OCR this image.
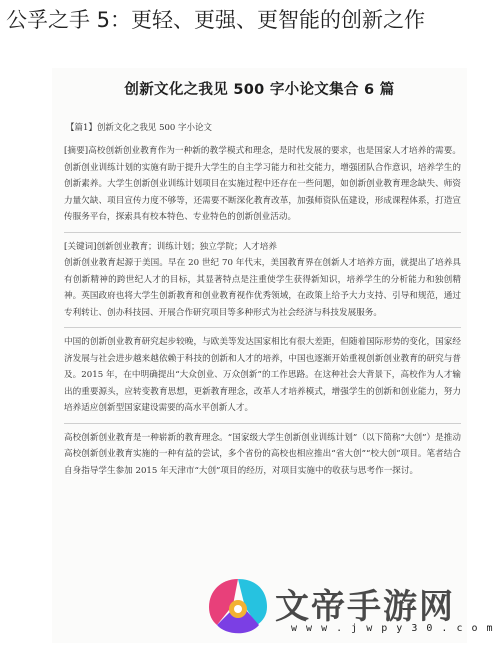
公孚之手 5：更轻、更强、更智能的创新之作
创新文化之我见 500 字小论文集合 6 篇
【篇1】创新文化之我见 500 字小论文
[摘要]高校创新创业教育作为一种新的教学模式和理念，是时代发展的要求，也是国家人才培养的需要。创新创业训练计划的实施有助于提升大学生的自主学习能力和社交能力，增强团队合作意识，培养学生的创新素养。大学生创新创业训练计划项目在实施过程中还存在一些问题，如创新创业教育理念缺失、师资力量欠缺、项目宣传力度不够等，还需要不断深化教育改革，加强师资队伍建设，形成课程体系，打造宣传服务平台，探索具有校本特色、专业特色的创新创业活动。
[关键词]创新创业教育；训练计划；独立学院；人才培养
创新创业教育起源于美国。早在 20 世纪 70 年代末，美国教育界在创新人才培养方面，就提出了培养具有创新精神的跨世纪人才的目标，其显著特点是注重使学生获得新知识，培养学生的分析能力和独创精神。英国政府也将大学生创新教育和创业教育视作优秀领域，在政策上给予大力支持、引导和规范，通过专利转让、创办科技园、开展合作研究项目等多种形式为社会经济与科技发展服务。
中国的创新创业教育研究起步较晚，与欧美等发达国家相比有很大差距，但随着国际形势的变化，国家经济发展与社会进步越来越依赖于科技的创新和人才的培养，中国也逐渐开始重视创新创业教育的研究与普及。2015 年，在中明确提出“大众创业、万众创新”的工作思路。在这种社会大背景下，高校作为人才输出的重要源头，应转变教育思想，更新教育理念，改革人才培养模式，增强学生的创新和创业能力，努力培养适应创新型国家建设需要的高水平创新人才。
高校创新创业教育是一种崭新的教育理念。“国家级大学生创新创业训练计划”（以下简称“大创”）是推动高校创新创业教育实施的一种有益的尝试，多个省份的高校也相应推出“省大创”“校大创”项目。笔者结合自身指导学生参加 2015 年天津市“大创”项目的经历，对项目实施中的收获与思考作一探讨。
文帝手游网
w w w . j w p y 3 0 . c o m
